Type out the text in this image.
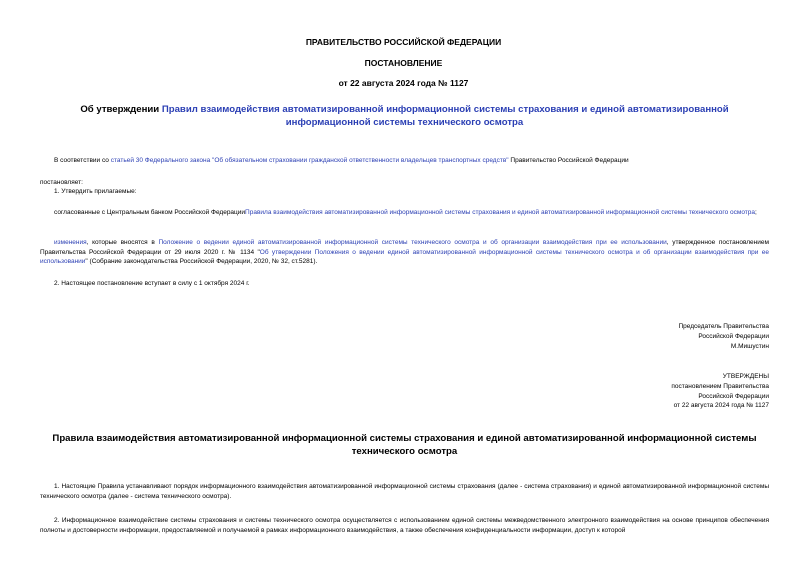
ПРАВИТЕЛЬСТВО РОССИЙСКОЙ ФЕДЕРАЦИИ

ПОСТАНОВЛЕНИЕ

от 22 августа 2024 года № 1127

Об утверждении Правил взаимодействия автоматизированной информационной системы страхования и единой автоматизированной информационной системы технического осмотра

В соответствии со статьей 30 Федерального закона "Об обязательном страховании гражданской ответственности владельцев транспортных средств" Правительство Российской Федерации

постановляет:

1. Утвердить прилагаемые:

согласованные с Центральным банком Российской ФедерацииПравила взаимодействия автоматизированной информационной системы страхования и единой автоматизированной информационной системы технического осмотра;

изменения, которые вносятся в Положение о ведении единой автоматизированной информационной системы технического осмотра и об организации взаимодействия при ее использовании, утвержденное постановлением Правительства Российской Федерации от 29 июля 2020 г. № 1134 "Об утверждении Положения о ведении единой автоматизированной информационной системы технического осмотра и об организации взаимодействия при ее использовании" (Собрание законодательства Российской Федерации, 2020, № 32, ст.5281).

2. Настоящее постановление вступает в силу с 1 октября 2024 г.

Председатель Правительства
Российской Федерации
М.Мишустин
УТВЕРЖДЕНЫ
постановлением Правительства
Российской Федерации
от 22 августа 2024 года № 1127

Правила взаимодействия автоматизированной информационной системы страхования и единой автоматизированной информационной системы технического осмотра

1. Настоящие Правила устанавливают порядок информационного взаимодействия автоматизированной информационной системы страхования (далее - система страхования) и единой автоматизированной информационной системы технического осмотра (далее - система технического осмотра).

2. Информационное взаимодействие системы страхования и системы технического осмотра осуществляется с использованием единой системы межведомственного электронного взаимодействия на основе принципов обеспечения полноты и достоверности информации, предоставляемой и получаемой в рамках информационного взаимодействия, а также обеспечения конфиденциальности информации, доступ к которой
